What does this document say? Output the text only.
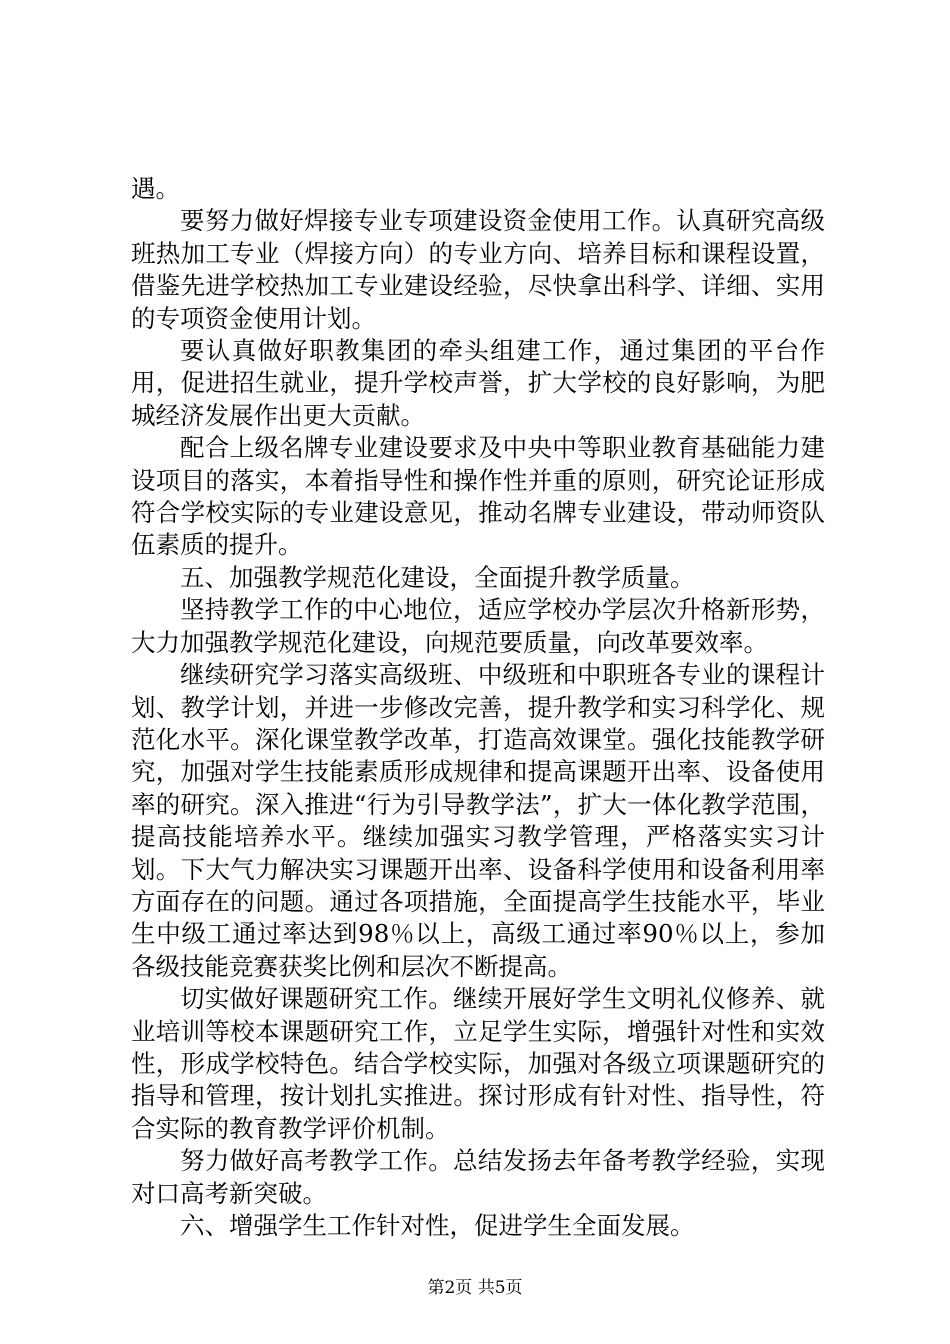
遇。

要努力做好焊接专业专项建设资金使用工作。认真研究高级班热加工专业（焊接方向）的专业方向、培养目标和课程设置，借鉴先进学校热加工专业建设经验，尽快拿出科学、详细、实用的专项资金使用计划。

要认真做好职教集团的牵头组建工作，通过集团的平台作用，促进招生就业，提升学校声誉，扩大学校的良好影响，为肥城经济发展作出更大贡献。

配合上级名牌专业建设要求及中央中等职业教育基础能力建设项目的落实，本着指导性和操作性并重的原则，研究论证形成符合学校实际的专业建设意见，推动名牌专业建设，带动师资队伍素质的提升。

五、加强教学规范化建设，全面提升教学质量。

坚持教学工作的中心地位，适应学校办学层次升格新形势，大力加强教学规范化建设，向规范要质量，向改革要效率。

继续研究学习落实高级班、中级班和中职班各专业的课程计划、教学计划，并进一步修改完善，提升教学和实习科学化、规范化水平。深化课堂教学改革，打造高效课堂。强化技能教学研究，加强对学生技能素质形成规律和提高课题开出率、设备使用率的研究。深入推进“行为引导教学法”，扩大一体化教学范围，提高技能培养水平。继续加强实习教学管理，严格落实实习计划。下大气力解决实习课题开出率、设备科学使用和设备利用率方面存在的问题。通过各项措施，全面提高学生技能水平，毕业生中级工通过率达到98％以上，高级工通过率90％以上，参加各级技能竞赛获奖比例和层次不断提高。

切实做好课题研究工作。继续开展好学生文明礼仪修养、就业培训等校本课题研究工作，立足学生实际，增强针对性和实效性，形成学校特色。结合学校实际，加强对各级立项课题研究的指导和管理，按计划扎实推进。探讨形成有针对性、指导性，符合实际的教育教学评价机制。

努力做好高考教学工作。总结发扬去年备考教学经验，实现对口高考新突破。

六、增强学生工作针对性，促进学生全面发展。

第2页 共5页
